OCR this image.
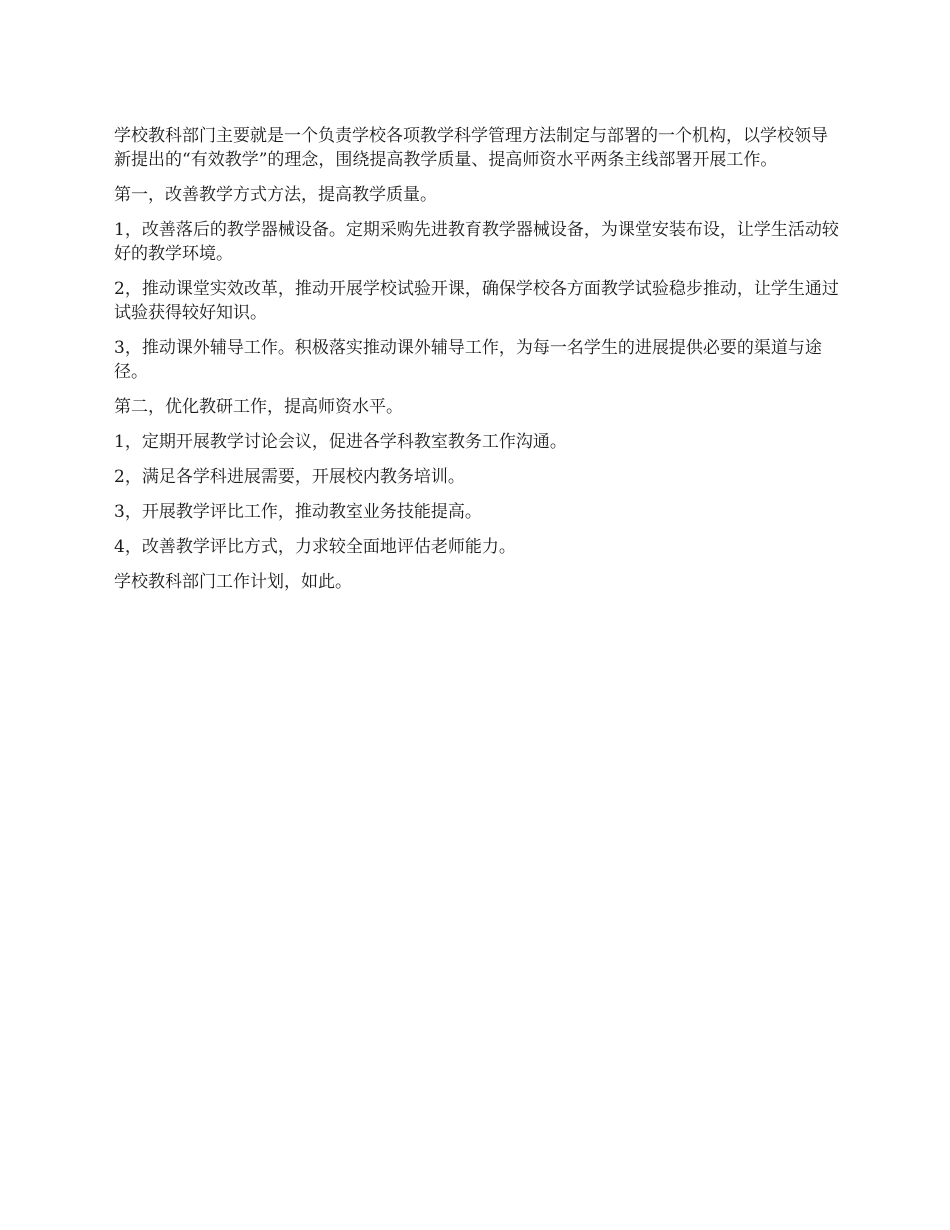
学校教科部门主要就是一个负责学校各项教学科学管理方法制定与部署的一个机构，以学校领导新提出的“有效教学”的理念，围绕提高教学质量、提高师资水平两条主线部署开展工作。

第一，改善教学方式方法，提高教学质量。

1，改善落后的教学器械设备。定期采购先进教育教学器械设备，为课堂安装布设，让学生活动较好的教学环境。

2，推动课堂实效改革，推动开展学校试验开课，确保学校各方面教学试验稳步推动，让学生通过试验获得较好知识。

3，推动课外辅导工作。积极落实推动课外辅导工作，为每一名学生的进展提供必要的渠道与途径。

第二，优化教研工作，提高师资水平。

1，定期开展教学讨论会议，促进各学科教室教务工作沟通。

2，满足各学科进展需要，开展校内教务培训。

3，开展教学评比工作，推动教室业务技能提高。

4，改善教学评比方式，力求较全面地评估老师能力。

学校教科部门工作计划，如此。
